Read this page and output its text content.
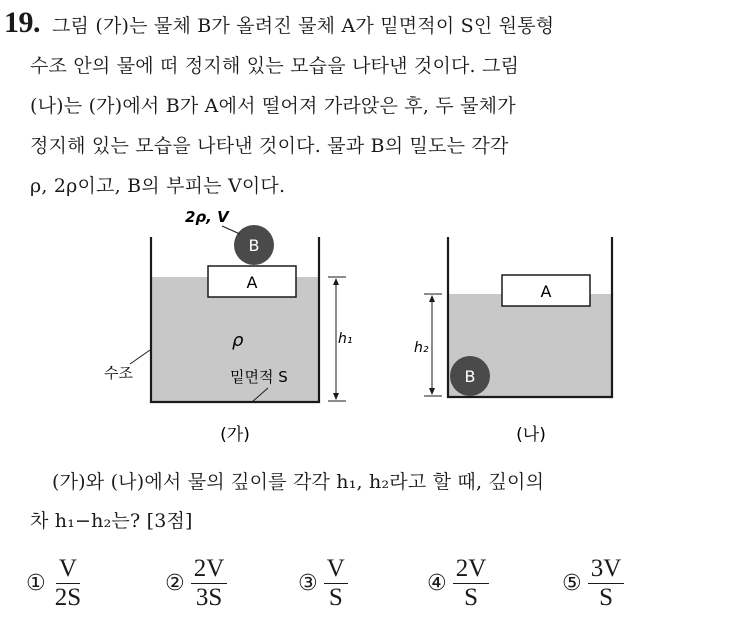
19. 그림 (가)는 물체 B가 올려진 물체 A가 밑면적이 S인 원통형
수조 안의 물에 떠 정지해 있는 모습을 나타낸 것이다. 그림
(나)는 (가)에서 B가 A에서 떨어져 가라앉은 후, 두 물체가
정지해 있는 모습을 나타낸 것이다. 물과 B의 밀도는 각각
ρ, 2ρ이고, B의 부피는 V이다.
A
B
2ρ, V
ρ	h₁
수조	밑면적 S
(가)
A
B
h₂
(나)
(가)와 (나)에서 물의 깊이를 각각 h₁, h₂라고 할 때, 깊이의
차 h₁−h₂는? [3점]
① $\frac{V}{2S}$	② $\frac{2V}{3S}$	③ $\frac{V}{S}$	④ $\frac{2V}{S}$	⑤ $\frac{3V}{S}$
